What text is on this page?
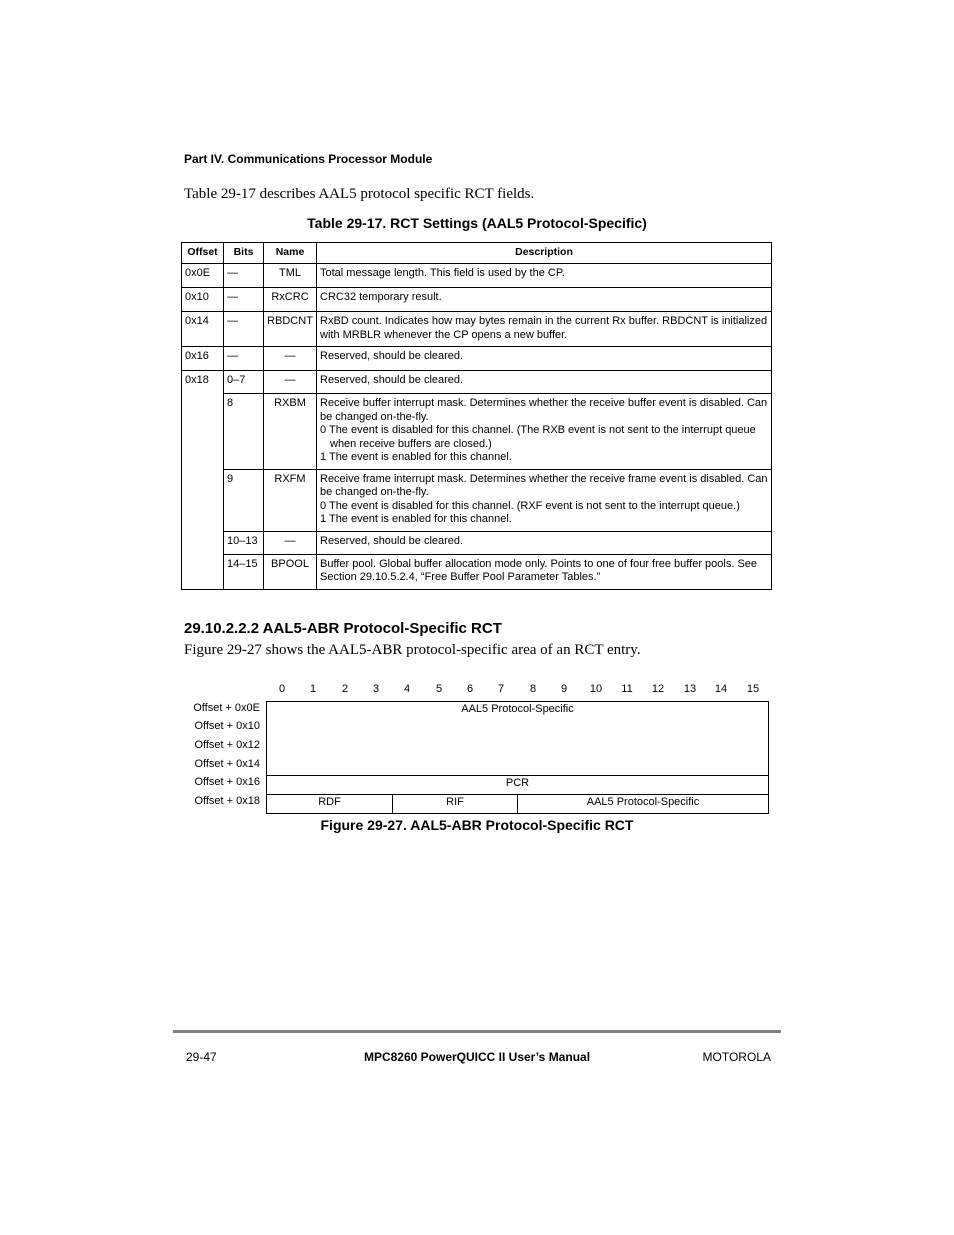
Part IV. Communications Processor Module
Table 29-17 describes AAL5 protocol specific RCT fields.
Table 29-17. RCT Settings (AAL5 Protocol-Specific)
Offset	Bits	Name	Description
0x0E	—	TML	Total message length. This field is used by the CP.

0x10	—	RxCRC	CRC32 temporary result.

0x14	—	RBDCNT	RxBD count. Indicates how may bytes remain in the current Rx buffer. RBDCNT is initialized with MRBLR whenever the CP opens a new buffer.

0x16	—	—	Reserved, should be cleared.

0x18	0–7	—	Reserved, should be cleared.

	8	RXBM	Receive buffer interrupt mask. Determines whether the receive buffer event is disabled. Can be changed on-the-fly.
0 The event is disabled for this channel. (The RXB event is not sent to the interrupt queue
when receive buffers are closed.)
1 The event is enabled for this channel.

	9	RXFM	Receive frame interrupt mask. Determines whether the receive frame event is disabled. Can be changed on-the-fly.
0 The event is disabled for this channel. (RXF event is not sent to the interrupt queue.)
1 The event is enabled for this channel.

	10–13	—	Reserved, should be cleared.

	14–15	BPOOL	Buffer pool. Global buffer allocation mode only. Points to one of four free buffer pools. See Section 29.10.5.2.4, “Free Buffer Pool Parameter Tables.”
29.10.2.2.2 AAL5-ABR Protocol-Specific RCT
Figure 29-27 shows the AAL5-ABR protocol-specific area of an RCT entry.
0	1	2	3	4	5	6	7	8	9	10	11	12	13	14	15
Offset + 0x0E
Offset + 0x10
Offset + 0x12
Offset + 0x14
Offset + 0x16
Offset + 0x18
AAL5 Protocol-Specific
PCR
RDF	RIF	AAL5 Protocol-Specific
Figure 29-27. AAL5-ABR Protocol-Specific RCT
29-47	MPC8260 PowerQUICC II User’s Manual	MOTOROLA
